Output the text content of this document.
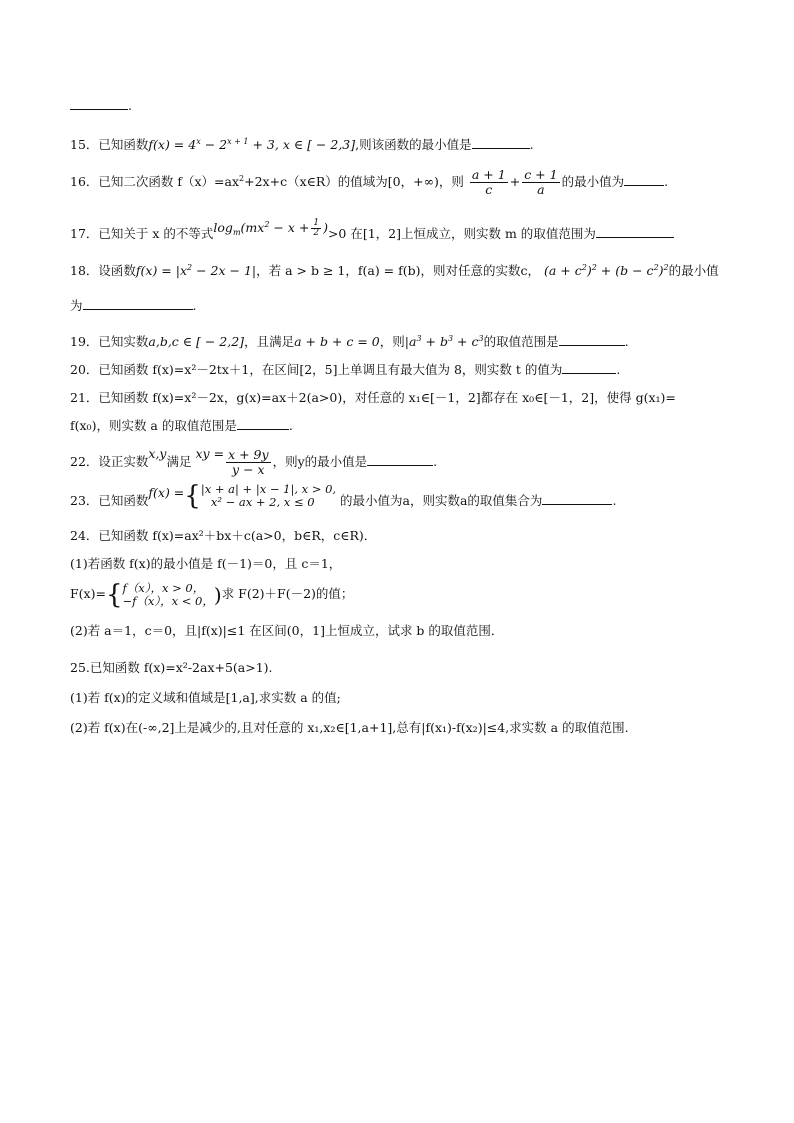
.
15．已知函数$f(x) = 4^x - 2^{x + 1} + 3$, x ∈ [ − 2,3],则该函数的最小值是	.
16．已知二次函数 $f(x)=ax^2+2x+c(x\in R)$的值域为[0，+∞)，则 $\frac{a + 1}{c} + \frac{c + 1}{a}$ 的最小值为	.
17．已知关于 x 的不等式$\log_m(mx^2 - x + \frac{1}{2} )>0$ 在[1，2]上恒成立，则实数 m 的取值范围为
18．设函数$f(x) = |x^2 - 2x - 1|$，若 a > b ≥ 1，f(a) = f(b)，则对任意的实数c， $(a + c^2)^2 + (b - c^2)^2$的最小值
为	.
19．已知实数a,b,c ∈ [ − 2,2]，且满足a + b + c = 0，则$|a^3 + b^3 + c^3$的取值范围是	.
20．已知函数 f(x)=x²－2tx＋1，在区间[2，5]上单调且有最大值为 8，则实数 t 的值为	.
21．已知函数 f(x)=x²－2x，g(x)=ax＋2(a>0)，对任意的 x₁∈[－1，2]都存在 x₀∈[－1，2]，使得 g(x₁)=
f(x₀)，则实数 a 的取值范围是	.
22．设正实数x,y满足 xy = $\frac{x + 9y}{y - x}$ ，则y的最小值是	.
23．已知函数f(x) ={ |x + a| + |x − 1|, x > 0,
x² − ax + 2, x ≤ 0	的最小值为a，则实数a的取值集合为	.
24．已知函数 f(x)=ax²＋bx＋c(a>0，b∈R，c∈R)．
(1)若函数 f(x)的最小值是 f(－1)＝0，且 c＝1，
F(x)={ f（x），x > 0，
−f（x），x < 0， )求 F(2)＋F(－2)的值；
(2)若 a＝1，c＝0，且|f(x)|≤1 在区间(0，1]上恒成立，试求 b 的取值范围．
25.已知函数 f(x)=x²-2ax+5(a>1).
(1)若 f(x)的定义域和值域是[1,a],求实数 a 的值;
(2)若 f(x)在(-∞,2]上是减少的,且对任意的 x₁,x₂∈[1,a+1],总有|f(x₁)-f(x₂)|≤4,求实数 a 的取值范围.
